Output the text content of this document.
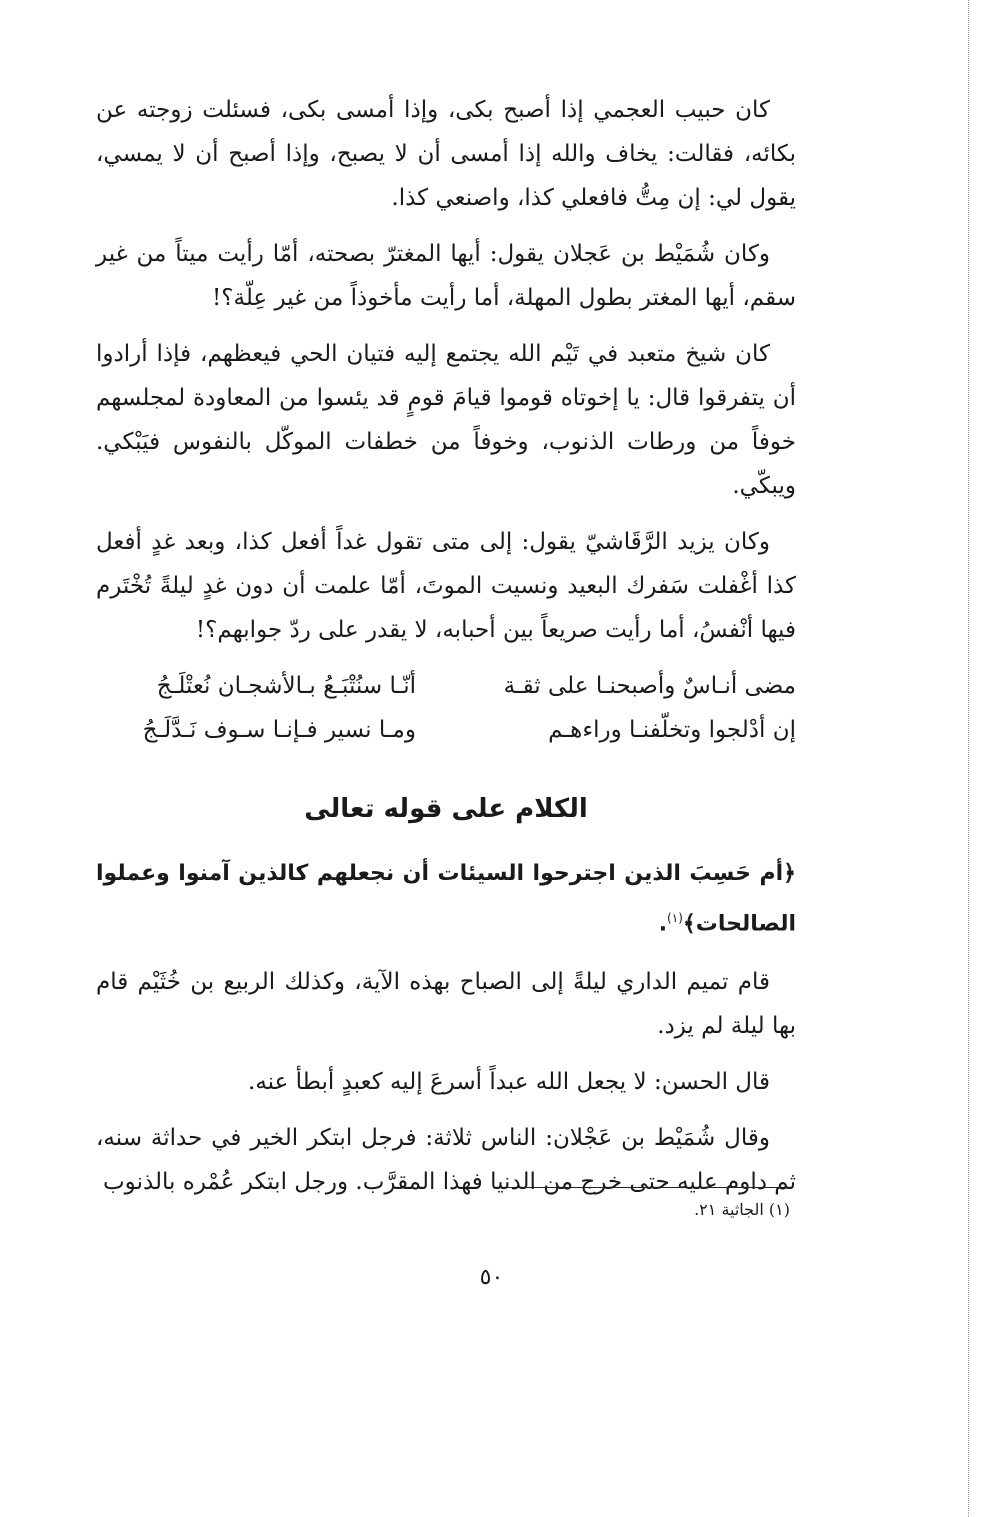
كان حبيب العجمي إذا أصبح بكى، وإذا أمسى بكى، فسئلت زوجته عن بكائه، فقالت: يخاف والله إذا أمسى أن لا يصبح، وإذا أصبح أن لا يمسي، يقول لي: إن مِتُّ فافعلي كذا، واصنعي كذا.

وكان شُمَيْط بن عَجلان يقول: أيها المغترّ بصحته، أمّا رأيت ميتاً من غير سقم، أيها المغتر بطول المهلة، أما رأيت مأخوذاً من غير عِلّة؟!

كان شيخ متعبد في تَيْم الله يجتمع إليه فتيان الحي فيعظهم، فإذا أرادوا أن يتفرقوا قال: يا إخوتاه قوموا قيامَ قومٍ قد يئسوا من المعاودة لمجلسهم خوفاً من ورطات الذنوب، وخوفاً من خطفات الموكّل بالنفوس فيَبْكي. ويبكّي.

وكان يزيد الرَّقَاشيّ يقول: إلى متى تقول غداً أفعل كذا، وبعد غدٍ أفعل كذا أغْفلت سَفرك البعيد ونسيت الموتَ، أمّا علمت أن دون غدٍ ليلةً تُخْتَرم فيها أنْفسُ، أما رأيت صريعاً بين أحبابه، لا يقدر على ردّ جوابهم؟!

مضى أنـاسٌ وأصبحنـا على ثقـة
أنّـا سنُتْبَـعُ بـالأشجـان نُعتْلَـجُ
إن أدْلجوا وتخلّفنـا وراءهـم
ومـا نسير فـإنـا سـوف نَـدَّلَـجُ
الكلام على قوله تعالى

﴿أم حَسِبَ الذين اجترحوا السيئات أن نجعلهم كالذين آمنوا وعملوا الصالحات﴾$^{(١)}$.

قام تميم الداري ليلةً إلى الصباح بهذه الآية، وكذلك الربيع بن خُثَيْم قام بها ليلة لم يزد.

قال الحسن: لا يجعل الله عبداً أسرعَ إليه كعبدٍ أبطأ عنه.

وقال شُمَيْط بن عَجْلان: الناس ثلاثة: فرجل ابتكر الخير في حداثة سنه، ثم داوم عليه حتى خرج من الدنيا فهذا المقرَّب. ورجل ابتكر عُمْره بالذنوب

(١) الجاثية ٢١.
٥٠
